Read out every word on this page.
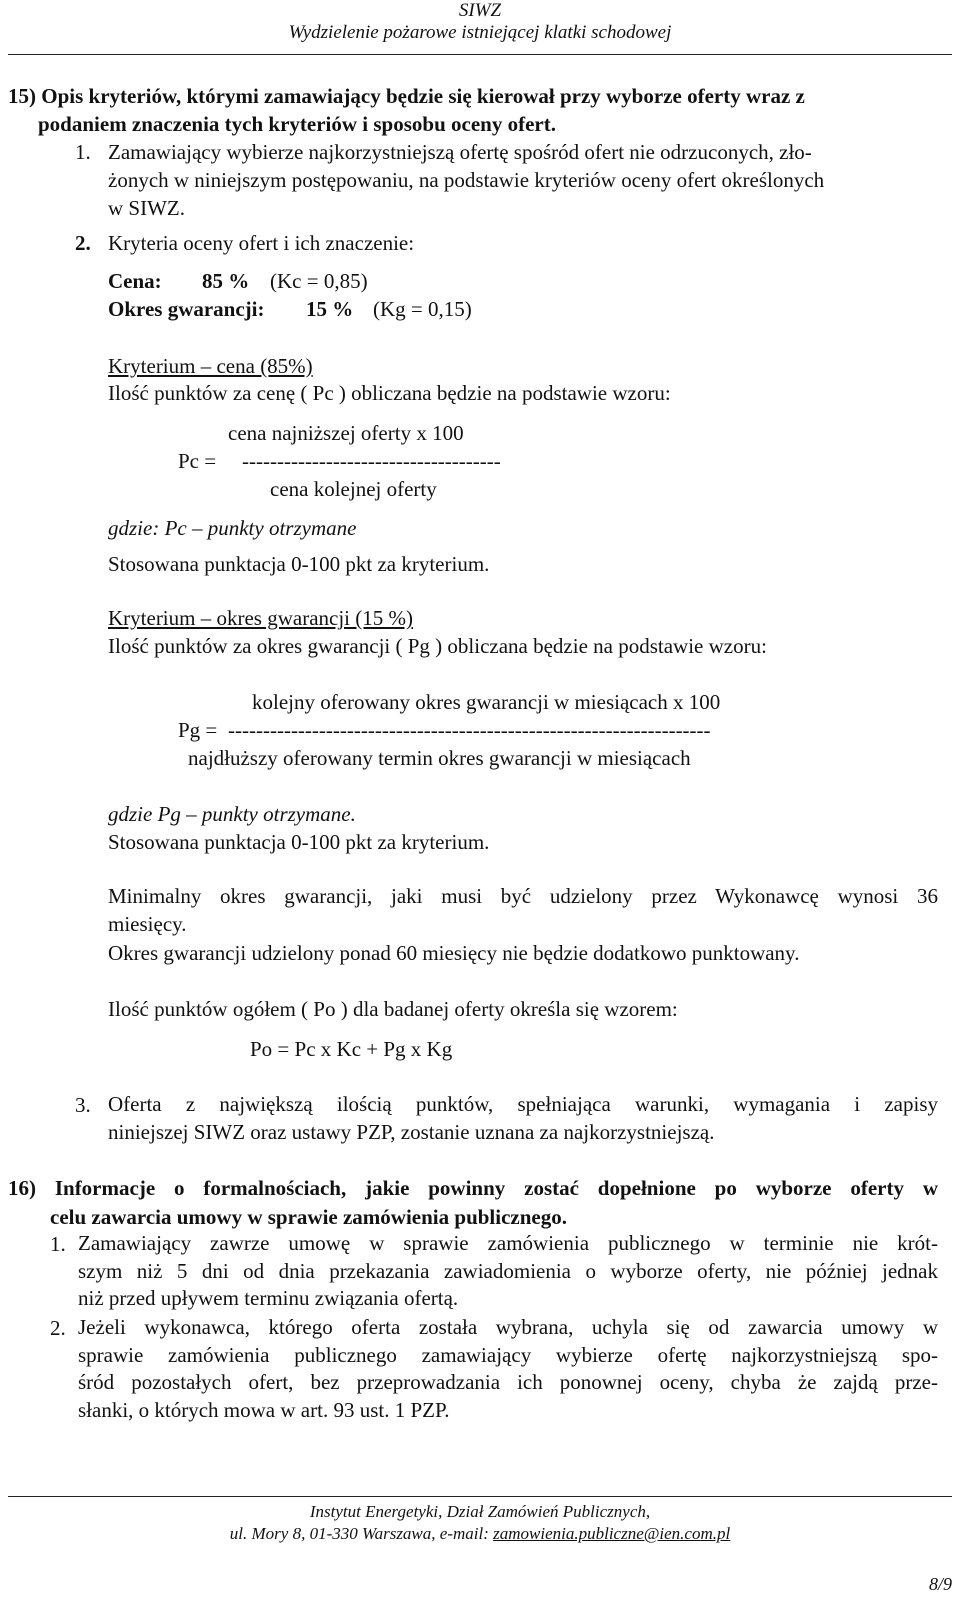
SIWZ
Wydzielenie pożarowe istniejącej klatki schodowej
15) Opis kryteriów, którymi zamawiający będzie się kierował przy wyborze oferty wraz z
podaniem znaczenia tych kryteriów i sposobu oceny ofert.
1. Zamawiający wybierze najkorzystniejszą ofertę spośród ofert nie odrzuconych, zło-
żonych w niniejszym postępowaniu, na podstawie kryteriów oceny ofert określonych
w SIWZ.
2. Kryteria oceny ofert i ich znaczenie:
Cena: 85 % (Kc = 0,85)
Okres gwarancji: 15 % (Kg = 0,15)
Kryterium – cena (85%)
Ilość punktów za cenę ( Pc ) obliczana będzie na podstawie wzoru:
cena najniższej oferty x 100
Pc = -------------------------------------
cena kolejnej oferty
gdzie: Pc – punkty otrzymane
Stosowana punktacja 0-100 pkt za kryterium.
Kryterium – okres gwarancji (15 %)
Ilość punktów za okres gwarancji ( Pg ) obliczana będzie na podstawie wzoru:
kolejny oferowany okres gwarancji w miesiącach x 100
Pg = ---------------------------------------------------------------------
najdłuższy oferowany termin okres gwarancji w miesiącach
gdzie Pg – punkty otrzymane.
Stosowana punktacja 0-100 pkt za kryterium.
Minimalny okres gwarancji, jaki musi być udzielony przez Wykonawcę wynosi 36
miesięcy.
Okres gwarancji udzielony ponad 60 miesięcy nie będzie dodatkowo punktowany.
Ilość punktów ogółem ( Po ) dla badanej oferty określa się wzorem:
Po = Pc x Kc + Pg x Kg
3. Oferta z największą ilością punktów, spełniająca warunki, wymagania i zapisy
niniejszej SIWZ oraz ustawy PZP, zostanie uznana za najkorzystniejszą.
16) Informacje o formalnościach, jakie powinny zostać dopełnione po wyborze oferty w
celu zawarcia umowy w sprawie zamówienia publicznego.
1. Zamawiający zawrze umowę w sprawie zamówienia publicznego w terminie nie krót-
szym niż 5 dni od dnia przekazania zawiadomienia o wyborze oferty, nie później jednak
niż przed upływem terminu związania ofertą.
2. Jeżeli wykonawca, którego oferta została wybrana, uchyla się od zawarcia umowy w
sprawie zamówienia publicznego zamawiający wybierze ofertę najkorzystniejszą spo-
śród pozostałych ofert, bez przeprowadzania ich ponownej oceny, chyba że zajdą prze-
słanki, o których mowa w art. 93 ust. 1 PZP.
Instytut Energetyki, Dział Zamówień Publicznych,
ul. Mory 8, 01-330 Warszawa, e-mail: zamowienia.publiczne@ien.com.pl
8/9
